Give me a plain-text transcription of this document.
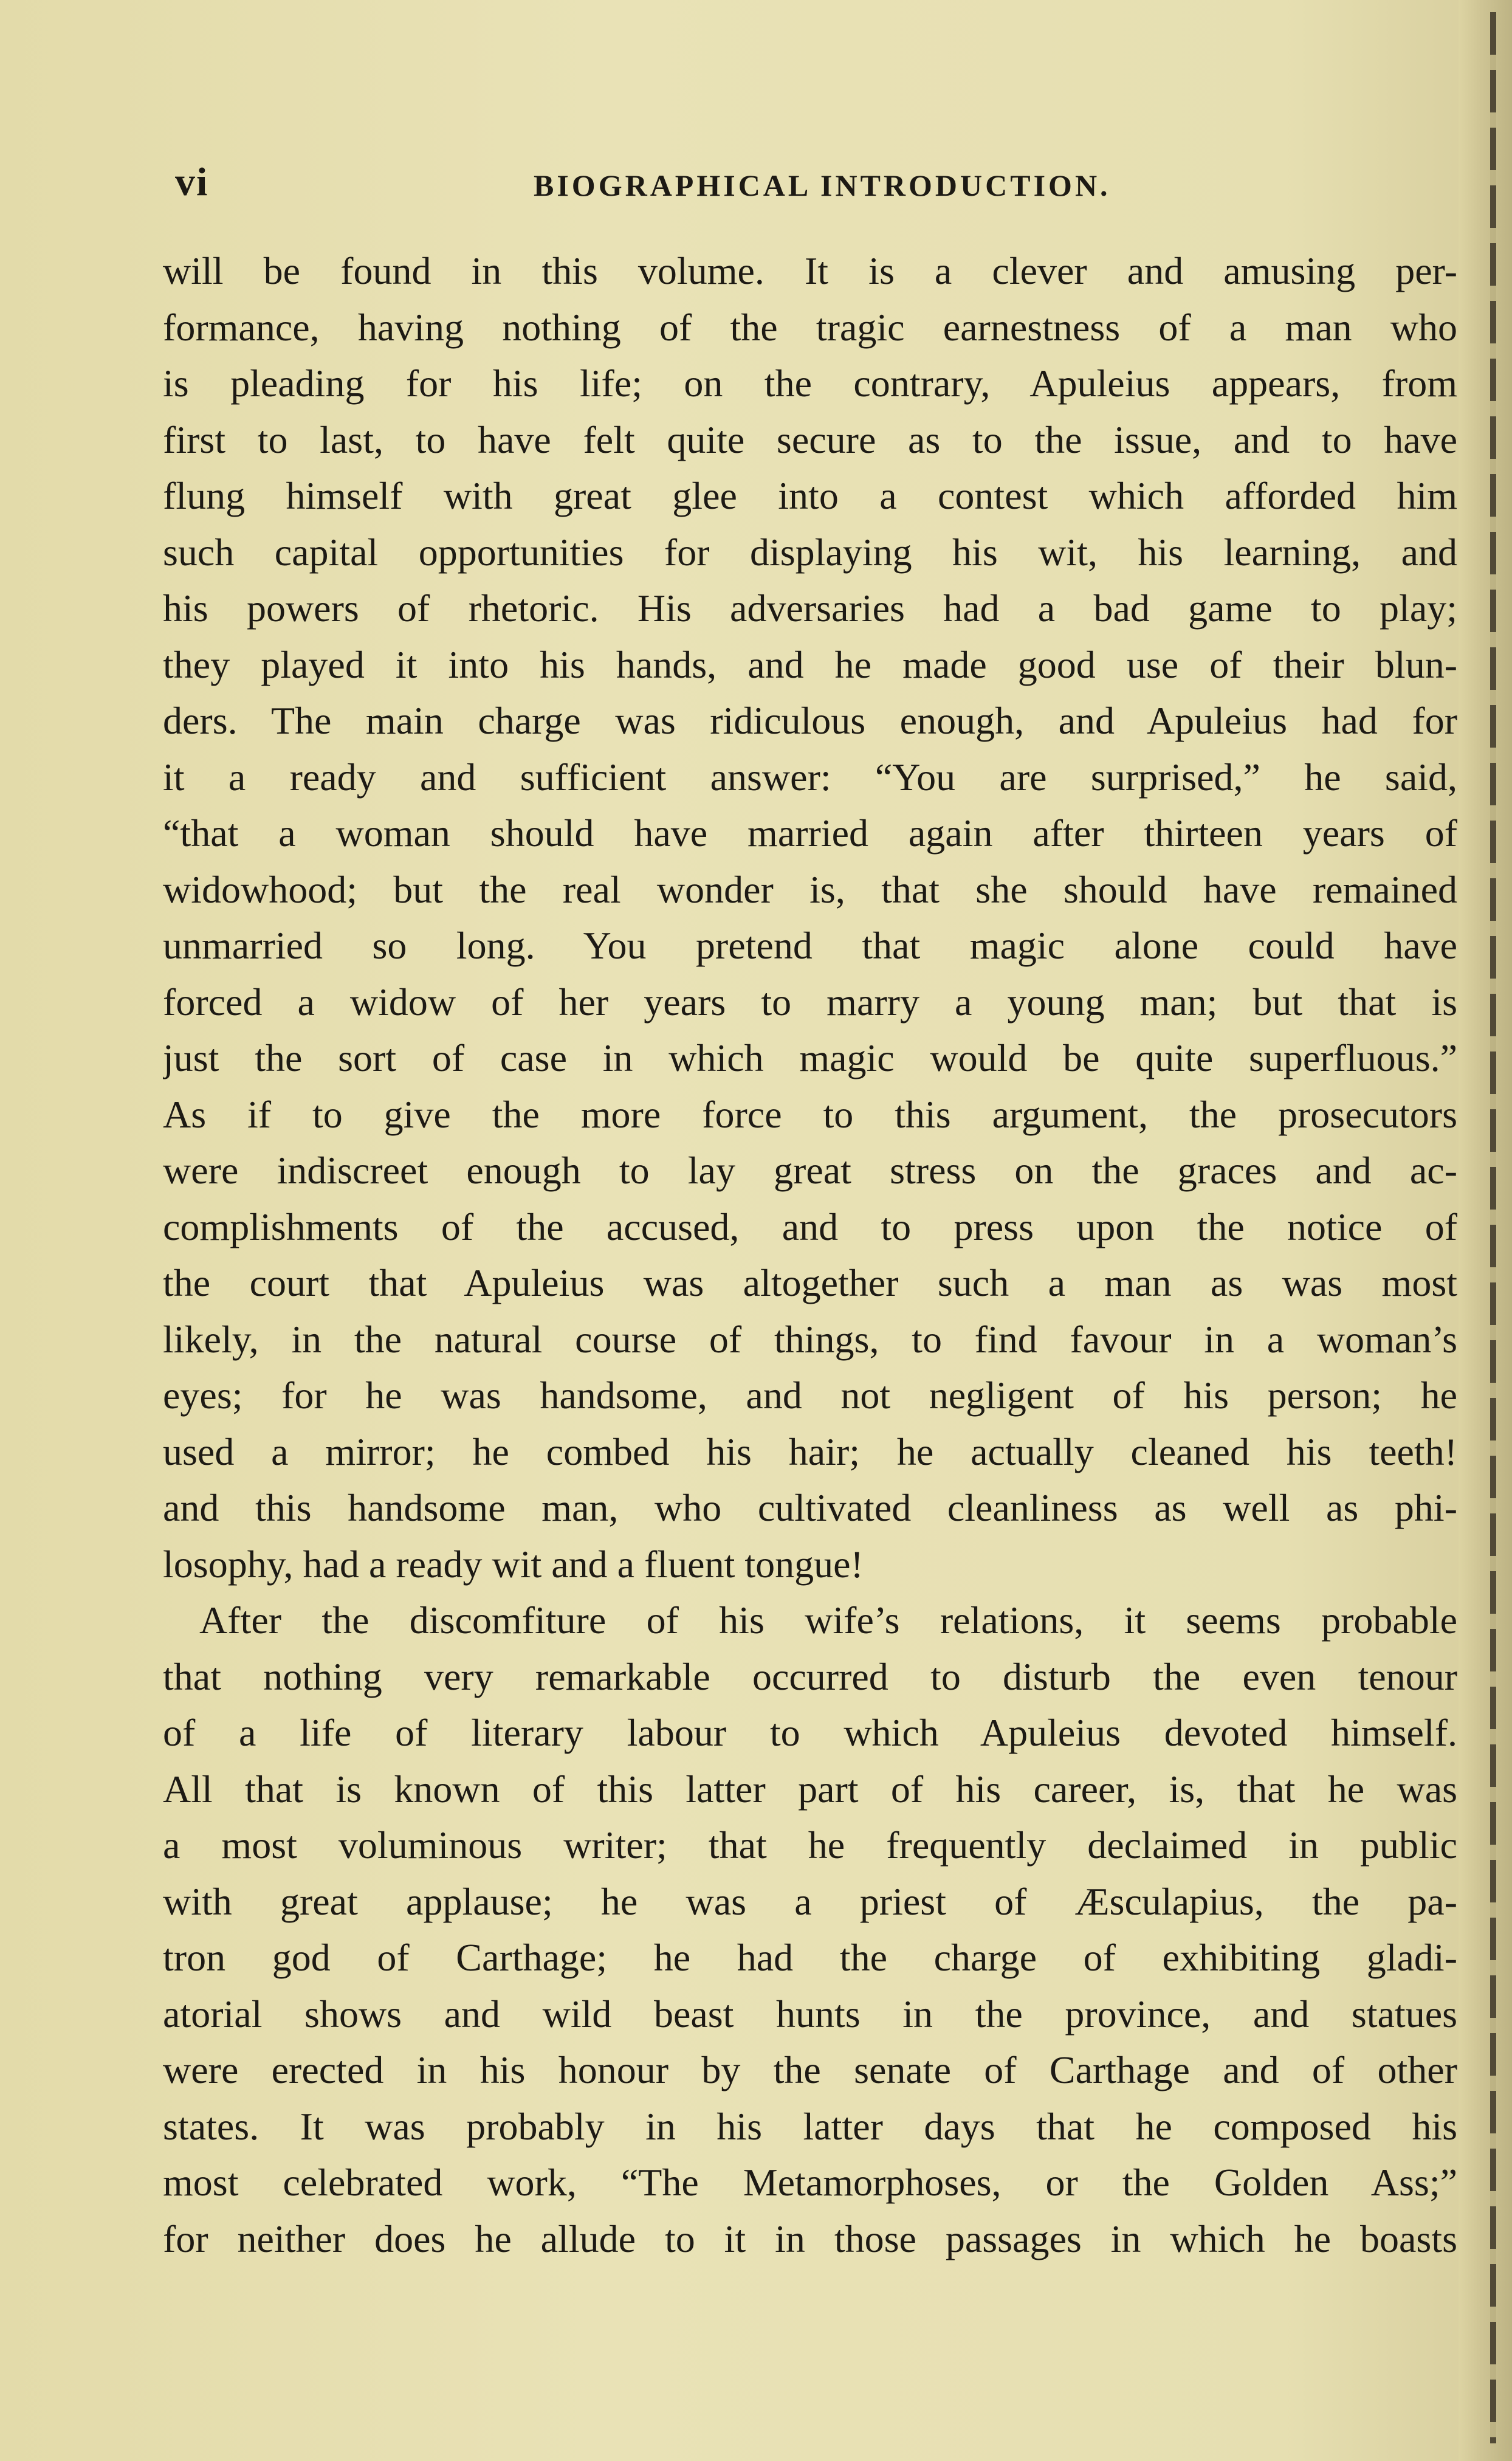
vi	BIOGRAPHICAL INTRODUCTION.
will be found in this volume. It is a clever and amusing per-
formance, having nothing of the tragic earnestness of a man who
is pleading for his life; on the contrary, Apuleius appears, from
first to last, to have felt quite secure as to the issue, and to have
flung himself with great glee into a contest which afforded him
such capital opportunities for displaying his wit, his learning, and
his powers of rhetoric. His adversaries had a bad game to play;
they played it into his hands, and he made good use of their blun-
ders. The main charge was ridiculous enough, and Apuleius had for
it a ready and sufficient answer: “You are surprised,” he said,
“that a woman should have married again after thirteen years of
widowhood; but the real wonder is, that she should have remained
unmarried so long. You pretend that magic alone could have
forced a widow of her years to marry a young man; but that is
just the sort of case in which magic would be quite superfluous.”
As if to give the more force to this argument, the prosecutors
were indiscreet enough to lay great stress on the graces and ac-
complishments of the accused, and to press upon the notice of
the court that Apuleius was altogether such a man as was most
likely, in the natural course of things, to find favour in a woman’s
eyes; for he was handsome, and not negligent of his person; he
used a mirror; he combed his hair; he actually cleaned his teeth!
and this handsome man, who cultivated cleanliness as well as phi-
losophy, had a ready wit and a fluent tongue!
After the discomfiture of his wife’s relations, it seems probable
that nothing very remarkable occurred to disturb the even tenour
of a life of literary labour to which Apuleius devoted himself.
All that is known of this latter part of his career, is, that he was
a most voluminous writer; that he frequently declaimed in public
with great applause; he was a priest of Æsculapius, the pa-
tron god of Carthage; he had the charge of exhibiting gladi-
atorial shows and wild beast hunts in the province, and statues
were erected in his honour by the senate of Carthage and of other
states. It was probably in his latter days that he composed his
most celebrated work, “The Metamorphoses, or the Golden Ass;”
for neither does he allude to it in those passages in which he boasts
